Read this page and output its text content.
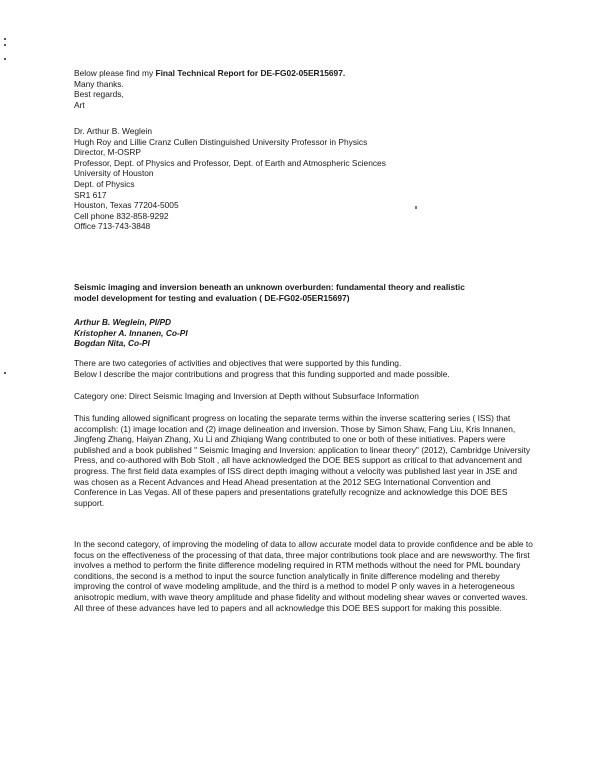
Below please find my Final Technical Report for DE-FG02-05ER15697.
Many thanks.
Best regards,
Art
Dr. Arthur B. Weglein
Hugh Roy and Lillie Cranz Cullen Distinguished University Professor in Physics
Director, M-OSRP
Professor, Dept. of Physics and Professor, Dept. of Earth and Atmospheric Sciences
University of Houston
Dept. of Physics
SR1 617
Houston, Texas 77204-5005
Cell phone 832-858-9292
Office 713-743-3848
Seismic imaging and inversion beneath an unknown overburden: fundamental theory and realistic
model development for testing and evaluation ( DE-FG02-05ER15697)
Arthur B. Weglein, PI/PD
Kristopher A. Innanen, Co-PI
Bogdan Nita, Co-PI
There are two categories of activities and objectives that were supported by this funding.
Below I describe the major contributions and progress that this funding supported and made possible.
Category one: Direct Seismic Imaging and Inversion at Depth without Subsurface Information
This funding allowed significant progress on locating the separate terms within the inverse scattering series ( ISS) that accomplish: (1) image location and (2) image delineation and inversion. Those by Simon Shaw, Fang Liu, Kris Innanen, Jingfeng Zhang, Haiyan Zhang, Xu Li and Zhiqiang Wang contributed to one or both of these initiatives. Papers were published and a book published " Seismic Imaging and Inversion: application to linear theory" (2012), Cambridge University Press, and co-authored with Bob Stolt , all have acknowledged the DOE BES support as critical to that advancement and progress. The first field data examples of ISS direct depth imaging without a velocity was published last year in JSE and was chosen as a Recent Advances and Head Ahead presentation at the 2012 SEG International Convention and Conference in Las Vegas. All of these papers and presentations gratefully recognize and acknowledge this DOE BES support.
In the second category, of improving the modeling of data to allow accurate model data to provide confidence and be able to focus on the effectiveness of the processing of that data, three major contributions took place and are newsworthy. The first involves a method to perform the finite difference modeling required in RTM methods without the need for PML boundary conditions, the second is a method to input the source function analytically in finite difference modeling and thereby improving the control of wave modeling amplitude, and the third is a method to model P only waves in a heterogeneous anisotropic medium, with wave theory amplitude and phase fidelity and without modeling shear waves or converted waves. All three of these advances have led to papers and all acknowledge this DOE BES support for making this possible.
